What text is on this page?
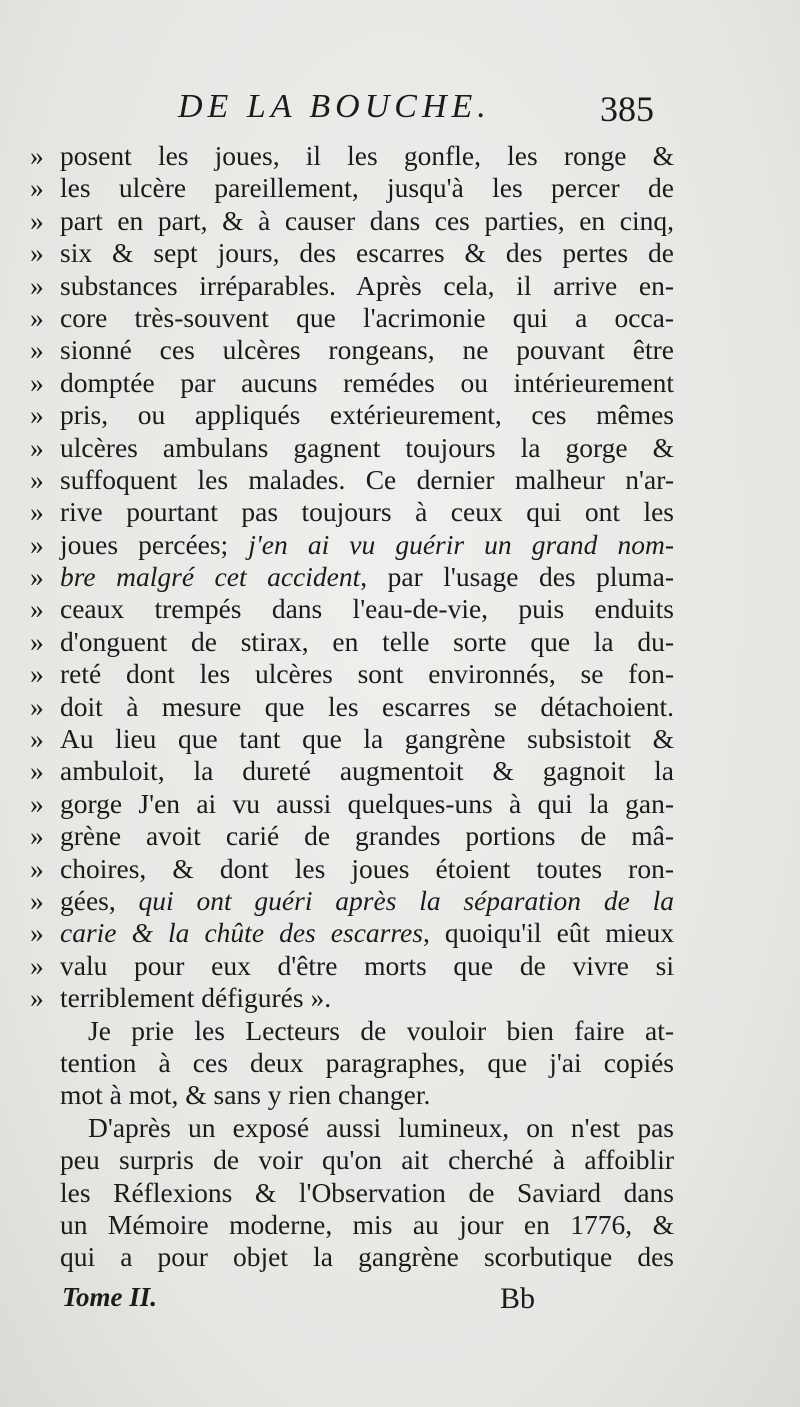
DE LA BOUCHE.	385
» posent les joues, il les gonfle, les ronge &
» les ulcère pareillement, jusqu'à les percer de
» part en part, & à causer dans ces parties, en cinq,
» six & sept jours, des escarres & des pertes de
» substances irréparables. Après cela, il arrive en-
» core très-souvent que l'acrimonie qui a occa-
» sionné ces ulcères rongeans, ne pouvant être
» domptée par aucuns remédes ou intérieurement
» pris, ou appliqués extérieurement, ces mêmes
» ulcères ambulans gagnent toujours la gorge &
» suffoquent les malades. Ce dernier malheur n'ar-
» rive pourtant pas toujours à ceux qui ont les
» joues percées; j'en ai vu guérir un grand nom-
» bre malgré cet accident, par l'usage des pluma-
» ceaux trempés dans l'eau-de-vie, puis enduits
» d'onguent de stirax, en telle sorte que la du-
» reté dont les ulcères sont environnés, se fon-
» doit à mesure que les escarres se détachoient.
» Au lieu que tant que la gangrène subsistoit &
» ambuloit, la dureté augmentoit & gagnoit la
» gorge J'en ai vu aussi quelques-uns à qui la gan-
» grène avoit carié de grandes portions de mâ-
» choires, & dont les joues étoient toutes ron-
» gées, qui ont guéri après la séparation de la
» carie & la chûte des escarres, quoiqu'il eût mieux
» valu pour eux d'être morts que de vivre si
» terriblement défigurés ».
Je prie les Lecteurs de vouloir bien faire at-
tention à ces deux paragraphes, que j'ai copiés
mot à mot, & sans y rien changer.
D'après un exposé aussi lumineux, on n'est pas
peu surpris de voir qu'on ait cherché à affoiblir
les Réflexions & l'Observation de Saviard dans
un Mémoire moderne, mis au jour en 1776, &
qui a pour objet la gangrène scorbutique des
Tome II.	Bb
